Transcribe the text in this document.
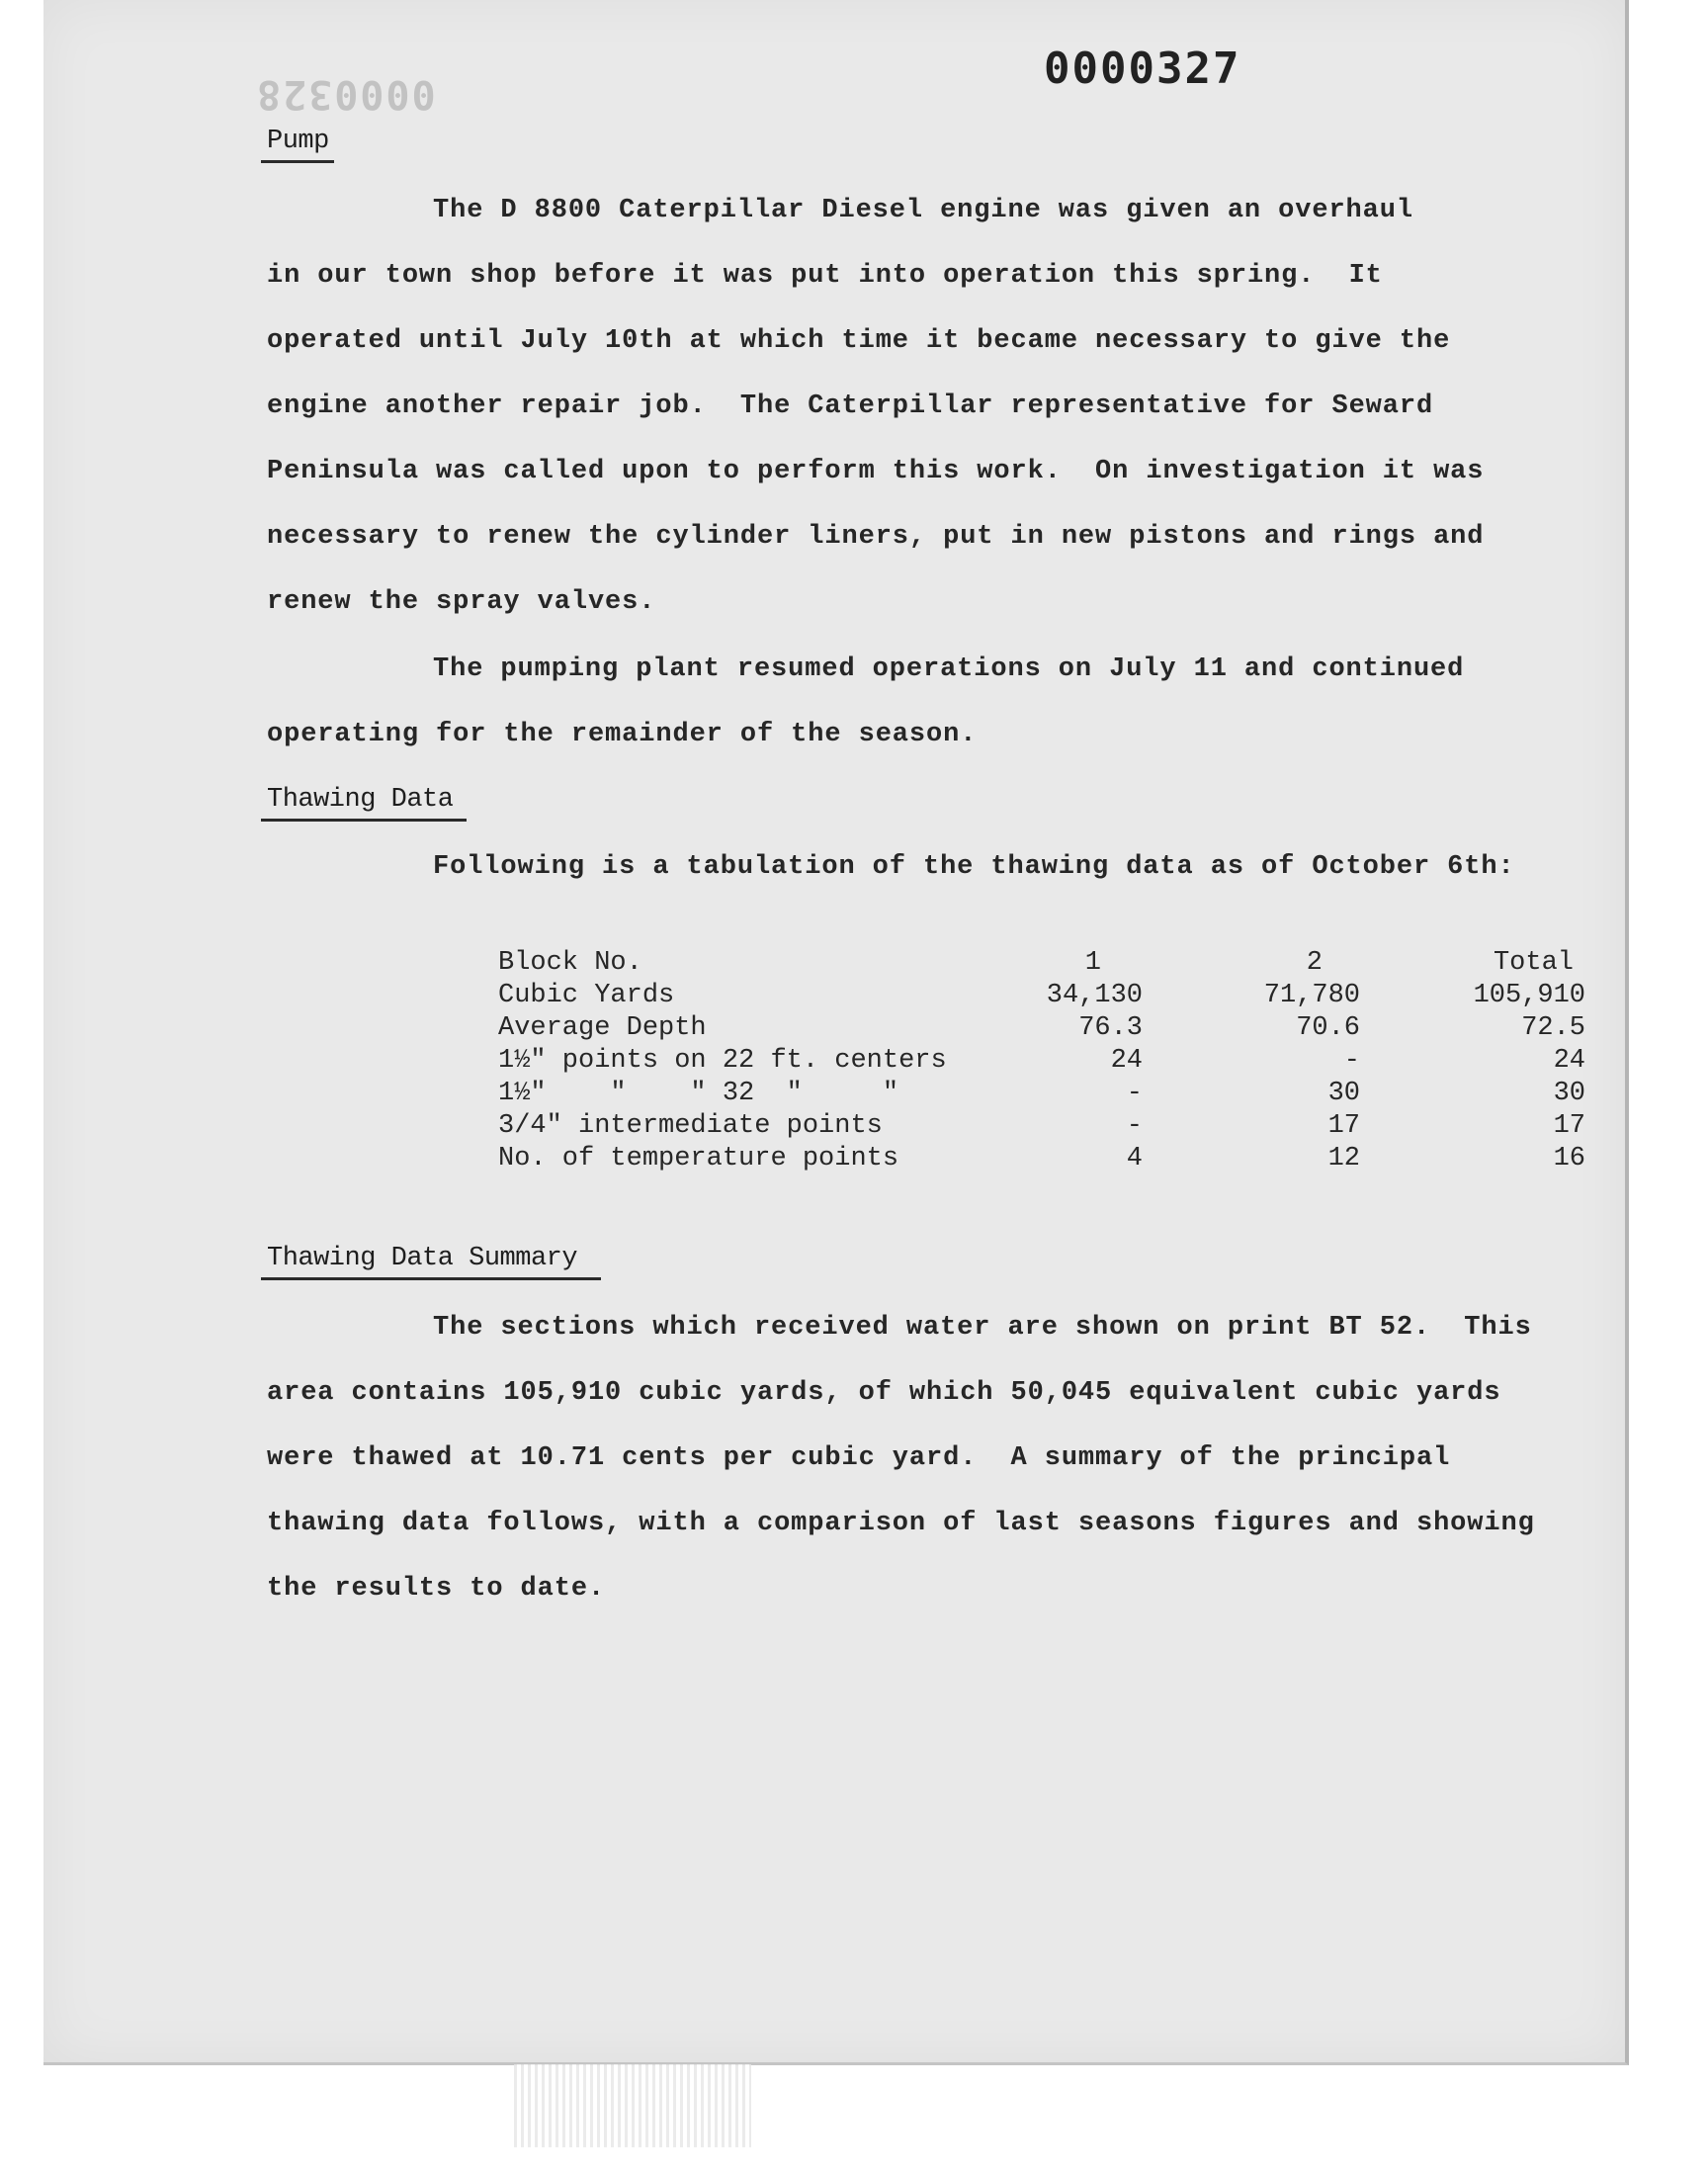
0000327
0000328
Pump
The D 8800 Caterpillar Diesel engine was given an overhaul
in our town shop before it was put into operation this spring.  It
operated until July 10th at which time it became necessary to give the
engine another repair job.  The Caterpillar representative for Seward
Peninsula was called upon to perform this work.  On investigation it was
necessary to renew the cylinder liners, put in new pistons and rings and
renew the spray valves.
The pumping plant resumed operations on July 11 and continued
operating for the remainder of the season.
Thawing Data
Following is a tabulation of the thawing data as of October 6th:
Block No.	1	2	Total
Cubic Yards	34,130	71,780	105,910
Average Depth	76.3	70.6	72.5
1½" points on 22 ft. centers	24	-	24
1½"    "    " 32  "     "	-	30	30
3/4" intermediate points	-	17	17
No. of temperature points	4	12	16
Thawing Data Summary
The sections which received water are shown on print BT 52.  This
area contains 105,910 cubic yards, of which 50,045 equivalent cubic yards
were thawed at 10.71 cents per cubic yard.  A summary of the principal
thawing data follows, with a comparison of last seasons figures and showing
the results to date.
